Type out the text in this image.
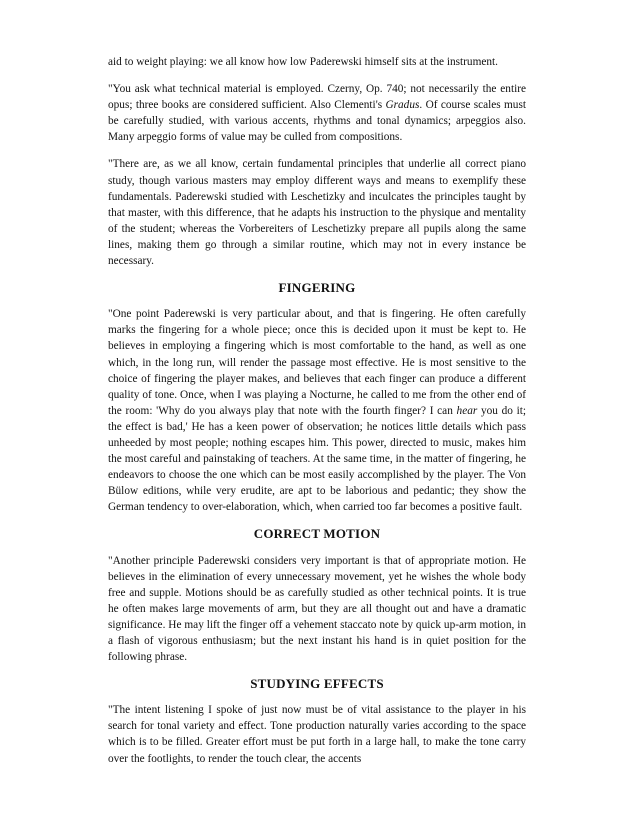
aid to weight playing: we all know how low Paderewski himself sits at the instrument.

"You ask what technical material is employed. Czerny, Op. 740; not necessarily the entire opus; three books are considered sufficient. Also Clementi's Gradus. Of course scales must be carefully studied, with various accents, rhythms and tonal dynamics; arpeggios also. Many arpeggio forms of value may be culled from compositions.

"There are, as we all know, certain fundamental principles that underlie all correct piano study, though various masters may employ different ways and means to exemplify these fundamentals. Paderewski studied with Leschetizky and inculcates the principles taught by that master, with this difference, that he adapts his instruction to the physique and mentality of the student; whereas the Vorbereiters of Leschetizky prepare all pupils along the same lines, making them go through a similar routine, which may not in every instance be necessary.

FINGERING

"One point Paderewski is very particular about, and that is fingering. He often carefully marks the fingering for a whole piece; once this is decided upon it must be kept to. He believes in employing a fingering which is most comfortable to the hand, as well as one which, in the long run, will render the passage most effective. He is most sensitive to the choice of fingering the player makes, and believes that each finger can produce a different quality of tone. Once, when I was playing a Nocturne, he called to me from the other end of the room: 'Why do you always play that note with the fourth finger? I can hear you do it; the effect is bad,' He has a keen power of observation; he notices little details which pass unheeded by most people; nothing escapes him. This power, directed to music, makes him the most careful and painstaking of teachers. At the same time, in the matter of fingering, he endeavors to choose the one which can be most easily accomplished by the player. The Von Bülow editions, while very erudite, are apt to be laborious and pedantic; they show the German tendency to over-elaboration, which, when carried too far becomes a positive fault.

CORRECT MOTION

"Another principle Paderewski considers very important is that of appropriate motion. He believes in the elimination of every unnecessary movement, yet he wishes the whole body free and supple. Motions should be as carefully studied as other technical points. It is true he often makes large movements of arm, but they are all thought out and have a dramatic significance. He may lift the finger off a vehement staccato note by quick up-arm motion, in a flash of vigorous enthusiasm; but the next instant his hand is in quiet position for the following phrase.

STUDYING EFFECTS

"The intent listening I spoke of just now must be of vital assistance to the player in his search for tonal variety and effect. Tone production naturally varies according to the space which is to be filled. Greater effort must be put forth in a large hall, to make the tone carry over the footlights, to render the touch clear, the accents
